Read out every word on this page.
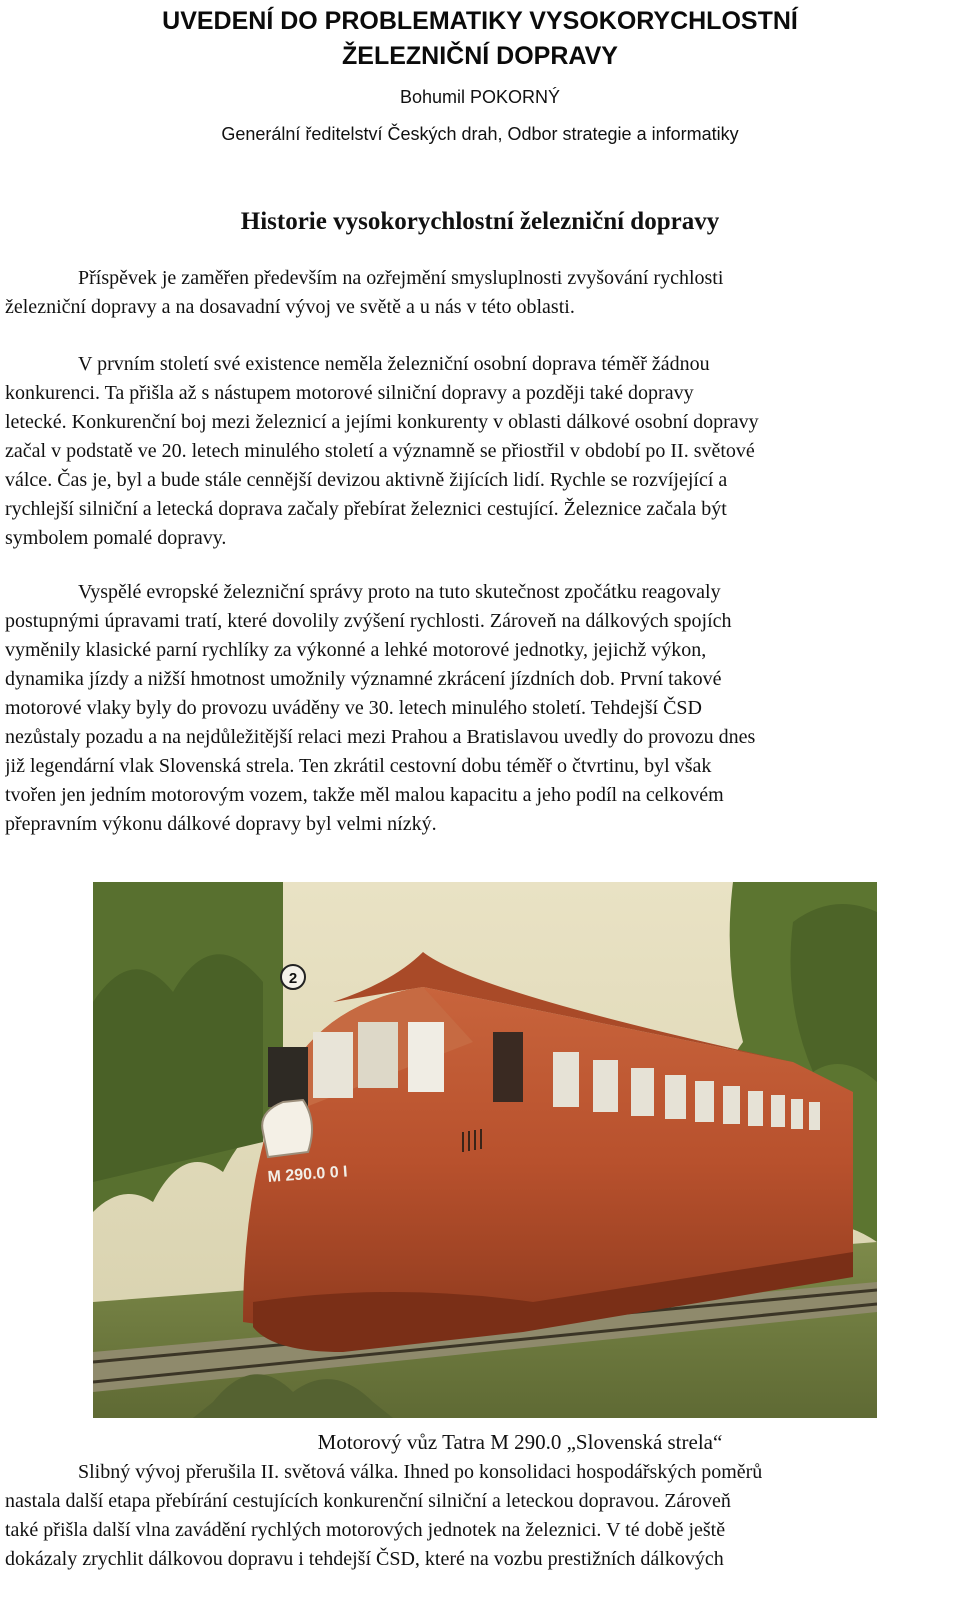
UVEDENÍ DO PROBLEMATIKY VYSOKORYCHLOSTNÍ
ŽELEZNIČNÍ DOPRAVY
Bohumil POKORNÝ
Generální ředitelství Českých drah, Odbor strategie a informatiky
Historie vysokorychlostní železniční dopravy
Příspěvek je zaměřen především na ozřejmění smysluplnosti zvyšování rychlosti
železniční dopravy a na dosavadní vývoj ve světě a u nás v této oblasti.
V prvním století své existence neměla železniční osobní doprava téměř žádnou
konkurenci. Ta přišla až s nástupem motorové silniční dopravy a později také dopravy
letecké. Konkurenční boj mezi železnicí a jejími konkurenty v oblasti dálkové osobní dopravy
začal v podstatě ve 20. letech minulého století a významně se přiostřil v období po II. světové
válce. Čas je, byl a bude stále cennější devizou aktivně žijících lidí. Rychle se rozvíjející a
rychlejší silniční a letecká doprava začaly přebírat železnici cestující. Železnice začala být
symbolem pomalé dopravy.
Vyspělé evropské železniční správy proto na tuto skutečnost zpočátku reagovaly
postupnými úpravami tratí, které dovolily zvýšení rychlosti. Zároveň na dálkových spojích
vyměnily klasické parní rychlíky za výkonné a lehké motorové jednotky, jejichž výkon,
dynamika jízdy a nižší hmotnost umožnily významné zkrácení jízdních dob. První takové
motorové vlaky byly do provozu uváděny ve 30. letech minulého století. Tehdejší ČSD
nezůstaly pozadu a na nejdůležitější relaci mezi Prahou a Bratislavou uvedly do provozu dnes
již legendární vlak Slovenská strela. Ten zkrátil cestovní dobu téměř o čtvrtinu, byl však
tvořen jen jedním motorovým vozem, takže měl malou kapacitu a jeho podíl na celkovém
přepravním výkonu dálkové dopravy byl velmi nízký.
2
M 290.0 0 I
Motorový vůz Tatra M 290.0 „Slovenská strela“
Slibný vývoj přerušila II. světová válka. Ihned po konsolidaci hospodářských poměrů
nastala další etapa přebírání cestujících konkurenční silniční a leteckou dopravou. Zároveň
také přišla další vlna zavádění rychlých motorových jednotek na železnici. V té době ještě
dokázaly zrychlit dálkovou dopravu i tehdejší ČSD, které na vozbu prestižních dálkových
